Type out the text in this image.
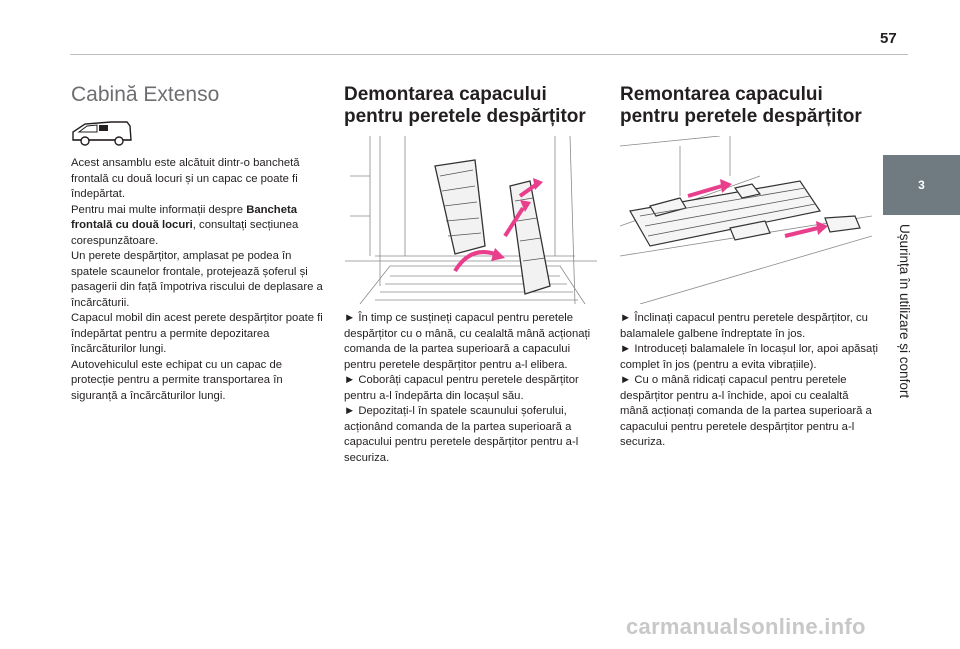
57
3
Ușurința în utilizare și confort
Cabină Extenso

Acest ansamblu este alcătuit dintr-o banchetă frontală cu două locuri și un capac ce poate fi îndepărtat.

Pentru mai multe informații despre Bancheta frontală cu două locuri, consultați secțiunea corespunzătoare.

Un perete despărțitor, amplasat pe podea în spatele scaunelor frontale, protejează șoferul și pasagerii din față împotriva riscului de deplasare a încărcăturii.

Capacul mobil din acest perete despărțitor poate fi îndepărtat pentru a permite depozitarea încărcăturilor lungi.

Autovehiculul este echipat cu un capac de protecție pentru a permite transportarea în siguranță a încărcăturilor lungi.

Demontarea capacului pentru peretele despărțitor

► În timp ce susțineți capacul pentru peretele despărțitor cu o mână, cu cealaltă mână acționați comanda de la partea superioară a capacului pentru peretele despărțitor pentru a-l elibera.

► Coborâți capacul pentru peretele despărțitor pentru a-l îndepărta din locașul său.

► Depozitați-l în spatele scaunului șoferului, acționând comanda de la partea superioară a capacului pentru peretele despărțitor pentru a-l securiza.

Remontarea capacului pentru peretele despărțitor

► Înclinați capacul pentru peretele despărțitor, cu balamalele galbene îndreptate în jos.

► Introduceți balamalele în locașul lor, apoi apăsați complet în jos (pentru a evita vibrațiile).

► Cu o mână ridicați capacul pentru peretele despărțitor pentru a-l închide, apoi cu cealaltă mână acționați comanda de la partea superioară a capacului pentru peretele despărțitor pentru a-l securiza.

carmanualsonline.info
